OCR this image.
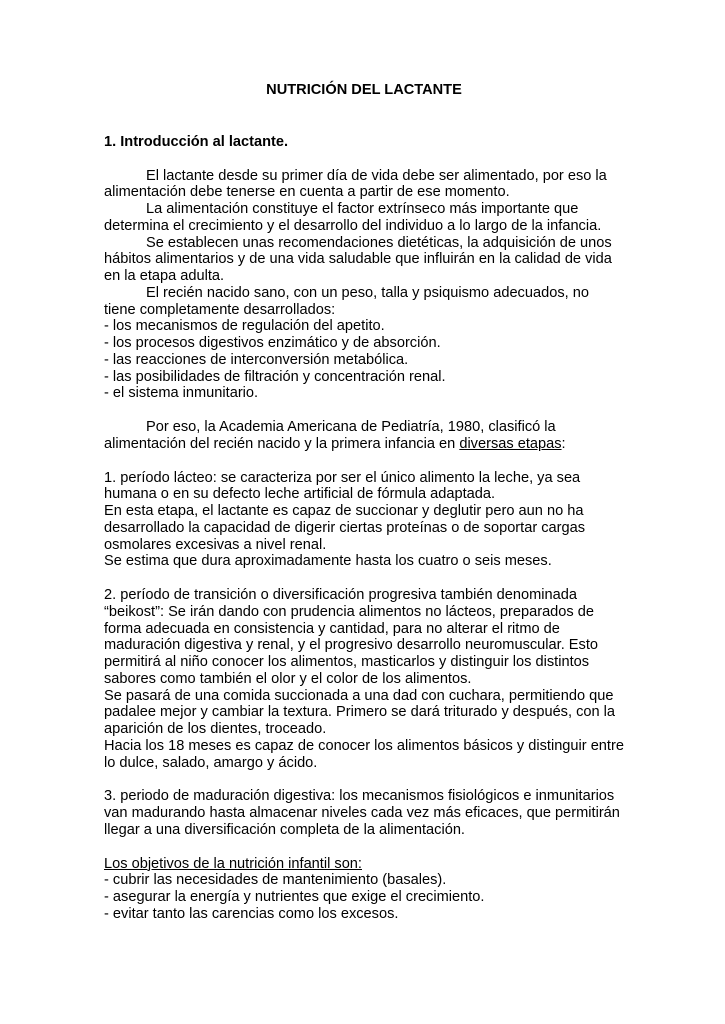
NUTRICIÓN DEL LACTANTE

1. Introducción al lactante.

El lactante desde su primer día de vida debe ser alimentado, por eso la alimentación debe tenerse en cuenta a partir de ese momento.

La alimentación constituye el factor extrínseco más importante que determina el crecimiento y el desarrollo del individuo a lo largo de la infancia.

Se establecen unas recomendaciones dietéticas, la adquisición de unos hábitos alimentarios y de una vida saludable que influirán en la calidad de vida en la etapa adulta.

El recién nacido sano, con un peso, talla y psiquismo adecuados, no tiene completamente desarrollados:

- los mecanismos de regulación del apetito.

- los procesos digestivos enzimático y de absorción.

- las reacciones de interconversión metabólica.

- las posibilidades de filtración y concentración renal.

- el sistema inmunitario.

Por eso, la Academia Americana de Pediatría, 1980, clasificó la alimentación del recién nacido y la primera infancia en diversas etapas:

1. período lácteo: se caracteriza por ser el único alimento la leche, ya sea humana o en su defecto leche artificial de fórmula adaptada.

En esta etapa, el lactante es capaz de succionar y deglutir pero aun no ha desarrollado la capacidad de digerir ciertas proteínas o de soportar cargas osmolares excesivas a nivel renal.

Se estima que dura aproximadamente hasta los cuatro o seis meses.

2. período de transición o diversificación progresiva también denominada “beikost”: Se irán dando con prudencia alimentos no lácteos, preparados de forma adecuada en consistencia y cantidad, para no alterar el ritmo de maduración digestiva y renal, y el progresivo desarrollo neuromuscular. Esto permitirá al niño conocer los alimentos, masticarlos y distinguir los distintos sabores como también el olor y el color de los alimentos.

Se pasará de una comida succionada a una dad con cuchara, permitiendo que padalee mejor y cambiar la textura. Primero se dará triturado y después, con la aparición de los dientes, troceado.

Hacia los 18 meses es capaz de conocer los alimentos básicos y distinguir entre lo dulce, salado, amargo y ácido.

3. periodo de maduración digestiva: los mecanismos fisiológicos e inmunitarios van madurando hasta almacenar niveles cada vez más eficaces, que permitirán llegar a una diversificación completa de la alimentación.

Los objetivos de la nutrición infantil son:

- cubrir las necesidades de mantenimiento (basales).

- asegurar la energía y nutrientes que exige el crecimiento.

- evitar tanto las carencias como los excesos.
